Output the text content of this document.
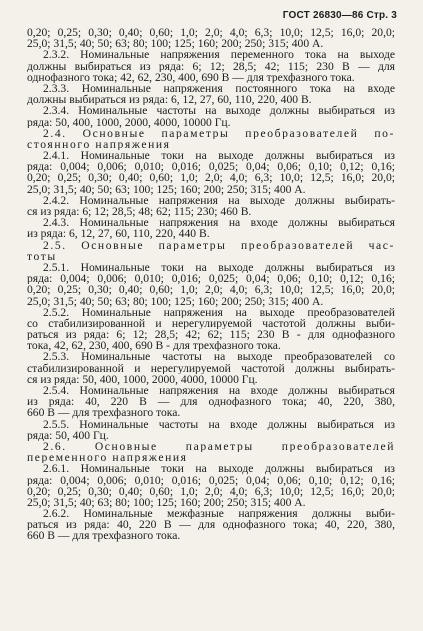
ГОСТ 26830—86 Стр. 3
0,20; 0,25; 0,30; 0,40; 0,60; 1,0; 2,0; 4,0; 6,3; 10,0; 12,5; 16,0; 20,0;
25,0; 31,5; 40; 50; 63; 80; 100; 125; 160; 200; 250; 315; 400 А.
2.3.2. Номинальные напряжения переменного тока на выходе
должны выбираться из ряда: 6; 12; 28,5; 42; 115; 230 В — для
однофазного тока; 42, 62, 230, 400, 690 В — для трехфазного тока.
2.3.3. Номинальные напряжения постоянного тока на входе
должны выбираться из ряда: 6, 12, 27, 60, 110, 220, 400 В.
2.3.4. Номинальные частоты на выходе должны выбираться из
ряда: 50, 400, 1000, 2000, 4000, 10000 Гц.
2.4. Основные параметры преобразователей по-
стоянного напряжения
2.4.1. Номинальные токи на выходе должны выбираться из
ряда: 0,004; 0,006; 0,010; 0,016; 0,025; 0,04; 0,06; 0,10; 0,12; 0,16;
0,20; 0,25; 0,30; 0,40; 0,60; 1,0; 2,0; 4,0; 6,3; 10,0; 12,5; 16,0; 20,0;
25,0; 31,5; 40; 50; 63; 100; 125; 160; 200; 250; 315; 400 А.
2.4.2. Номинальные напряжения на выходе должны выбирать-
ся из ряда: 6; 12; 28,5; 48; 62; 115; 230; 460 В.
2.4.3. Номинальные напряжения на входе должны выбираться
из ряда: 6, 12, 27, 60, 110, 220, 440 В.
2.5. Основные параметры преобразователей час-
тоты
2.5.1. Номинальные токи на выходе должны выбираться из
ряда: 0,004; 0,006; 0,010; 0,016; 0,025; 0,04; 0,06; 0,10; 0,12; 0,16;
0,20; 0,25; 0,30; 0,40; 0,60; 1,0; 2,0; 4,0; 6,3; 10,0; 12,5; 16,0; 20,0;
25,0; 31,5; 40; 50; 63; 80; 100; 125; 160; 200; 250; 315; 400 А.
2.5.2. Номинальные напряжения на выходе преобразователей
со стабилизированной и нерегулируемой частотой должны выби-
раться из ряда: 6; 12; 28,5; 42; 62; 115; 230 В - для однофазного
тока, 42, 62, 230, 400, 690 В - для трехфазного тока.
2.5.3. Номинальные частоты на выходе преобразователей со
стабилизированной и нерегулируемой частотой должны выбирать-
ся из ряда: 50, 400, 1000, 2000, 4000, 10000 Гц.
2.5.4. Номинальные напряжения на входе должны выбираться
из ряда: 40, 220 В — для однофазного тока; 40, 220, 380,
660 В — для трехфазного тока.
2.5.5. Номинальные частоты на входе должны выбираться из
ряда: 50, 400 Гц.
2.6. Основные параметры преобразователей
переменного напряжения
2.6.1. Номинальные токи на выходе должны выбираться из
ряда: 0,004; 0,006; 0,010; 0,016; 0,025; 0,04; 0,06; 0,10; 0,12; 0,16;
0,20; 0,25; 0,30; 0,40; 0,60; 1,0; 2,0; 4,0; 6,3; 10,0; 12,5; 16,0; 20,0;
25,0; 31,5; 40; 63; 80; 100; 125; 160; 200; 250; 315; 400 А.
2.6.2. Номинальные межфазные напряжения должны выби-
раться из ряда: 40, 220 В — для однофазного тока; 40, 220, 380,
660 В — для трехфазного тока.
